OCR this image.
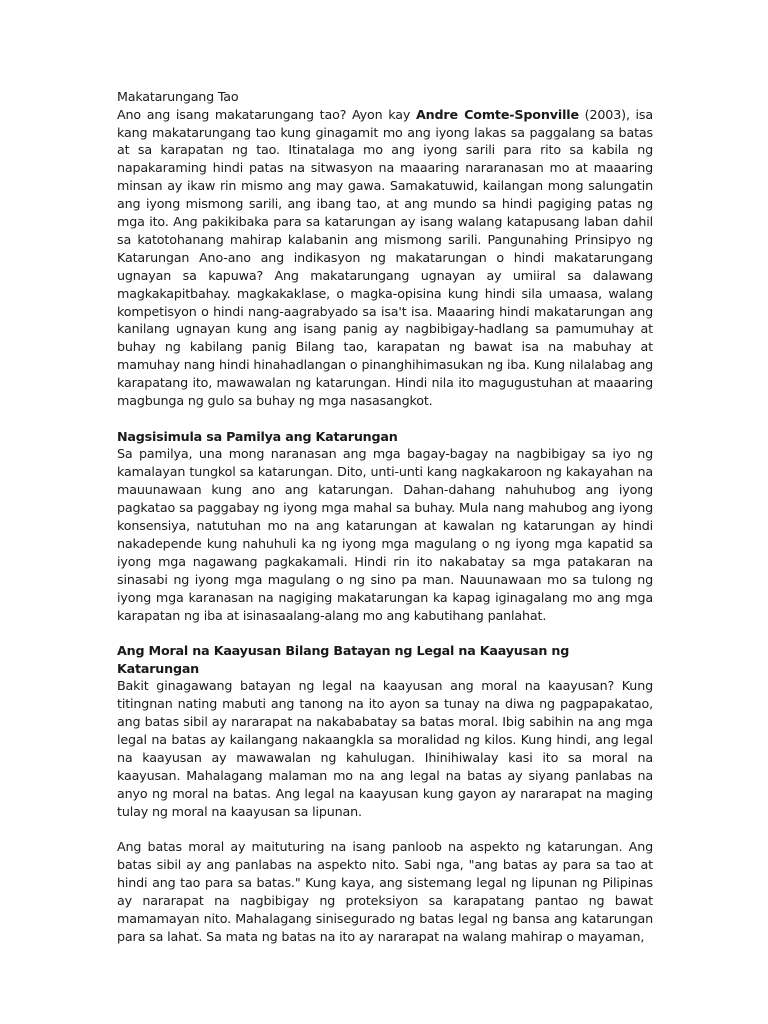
Makatarungang Tao

Ano ang isang makatarungang tao? Ayon kay Andre Comte-Sponville (2003), isa kang makatarungang tao kung ginagamit mo ang iyong lakas sa paggalang sa batas at sa karapatan ng tao. Itinatalaga mo ang iyong sarili para rito sa kabila ng napakaraming hindi patas na sitwasyon na maaaring nararanasan mo at maaaring minsan ay ikaw rin mismo ang may gawa. Samakatuwid, kailangan mong salungatin ang iyong mismong sarili, ang ibang tao, at ang mundo sa hindi pagiging patas ng mga ito. Ang pakikibaka para sa katarungan ay isang walang katapusang laban dahil sa katotohanang mahirap kalabanin ang mismong sarili. Pangunahing Prinsipyo ng Katarungan Ano-ano ang indikasyon ng makatarungan o hindi makatarungang ugnayan sa kapuwa? Ang makatarungang ugnayan ay umiiral sa dalawang magkakapitbahay. magkakaklase, o magka-opisina kung hindi sila umaasa, walang kompetisyon o hindi nang-aagrabyado sa isa't isa. Maaaring hindi makatarungan ang kanilang ugnayan kung ang isang panig ay nagbibigay-hadlang sa pamumuhay at buhay ng kabilang panig Bilang tao, karapatan ng bawat isa na mabuhay at mamuhay nang hindi hinahadlangan o pinanghihimasukan ng iba. Kung nilalabag ang karapatang ito, mawawalan ng katarungan. Hindi nila ito magugustuhan at maaaring magbunga ng gulo sa buhay ng mga nasasangkot.

Nagsisimula sa Pamilya ang Katarungan

Sa pamilya, una mong naranasan ang mga bagay-bagay na nagbibigay sa iyo ng kamalayan tungkol sa katarungan. Dito, unti-unti kang nagkakaroon ng kakayahan na mauunawaan kung ano ang katarungan. Dahan-dahang nahuhubog ang iyong pagkatao sa paggabay ng iyong mga mahal sa buhay. Mula nang mahubog ang iyong konsensiya, natutuhan mo na ang katarungan at kawalan ng katarungan ay hindi nakadepende kung nahuhuli ka ng iyong mga magulang o ng iyong mga kapatid sa iyong mga nagawang pagkakamali. Hindi rin ito nakabatay sa mga patakaran na sinasabi ng iyong mga magulang o ng sino pa man. Nauunawaan mo sa tulong ng iyong mga karanasan na nagiging makatarungan ka kapag iginagalang mo ang mga karapatan ng iba at isinasaalang-alang mo ang kabutihang panlahat.

Ang Moral na Kaayusan Bilang Batayan ng Legal na Kaayusan ng Katarungan

Bakit ginagawang batayan ng legal na kaayusan ang moral na kaayusan? Kung titingnan nating mabuti ang tanong na ito ayon sa tunay na diwa ng pagpapakatao, ang batas sibil ay nararapat na nakababatay sa batas moral. Ibig sabihin na ang mga legal na batas ay kailangang nakaangkla sa moralidad ng kilos. Kung hindi, ang legal na kaayusan ay mawawalan ng kahulugan. Ihinihiwalay kasi ito sa moral na kaayusan. Mahalagang malaman mo na ang legal na batas ay siyang panlabas na anyo ng moral na batas. Ang legal na kaayusan kung gayon ay nararapat na maging tulay ng moral na kaayusan sa lipunan.

Ang batas moral ay maituturing na isang panloob na aspekto ng katarungan. Ang batas sibil ay ang panlabas na aspekto nito. Sabi nga, "ang batas ay para sa tao at hindi ang tao para sa batas." Kung kaya, ang sistemang legal ng lipunan ng Pilipinas ay nararapat na nagbibigay ng proteksiyon sa karapatang pantao ng bawat mamamayan nito. Mahalagang sinisegurado ng batas legal ng bansa ang katarungan para sa lahat. Sa mata ng batas na ito ay nararapat na walang mahirap o mayaman,
